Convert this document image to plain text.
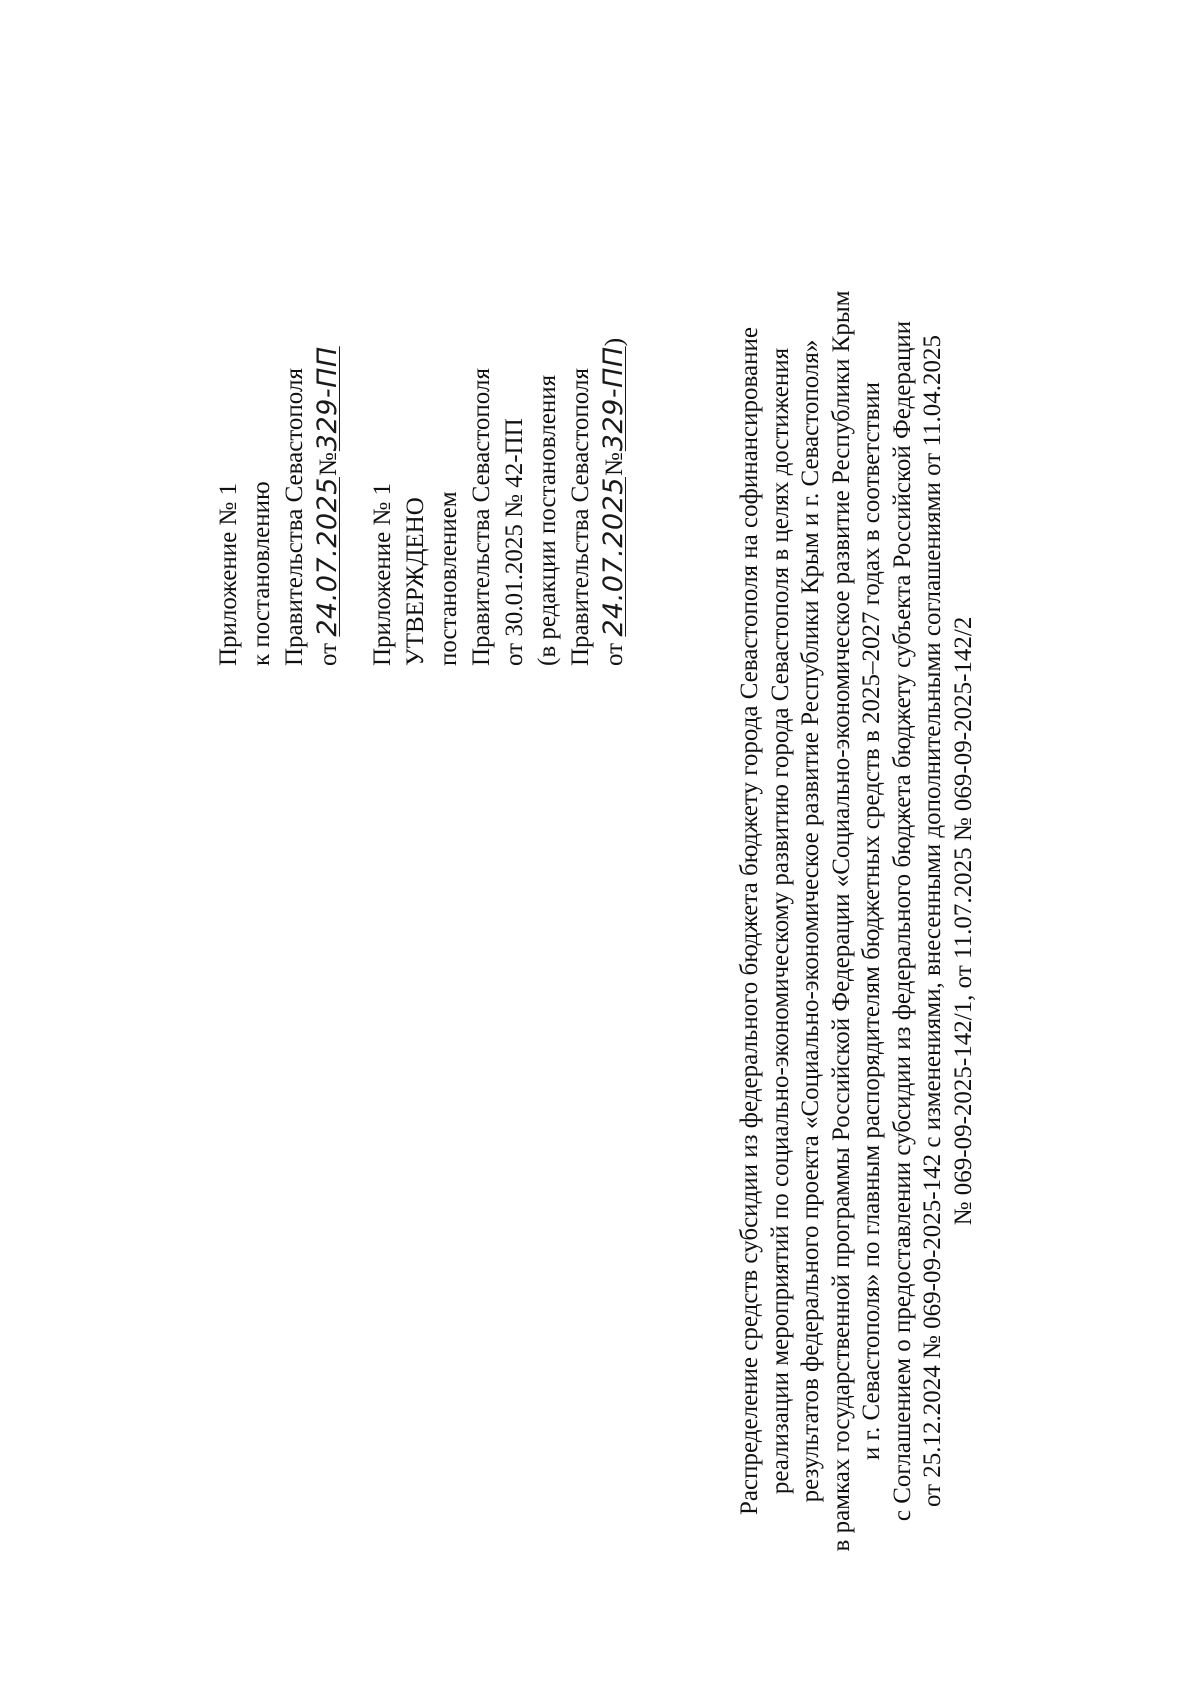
Приложение № 1 к постановлению Правительства Севастополя от 24.07.2025№329-ПП
Приложение № 1 УТВЕРЖДЕНО постановлением Правительства Севастополя от 30.01.2025 № 42-ПП (в редакции постановления Правительства Севастополя от 24.07.2025№329-ПП)	Распределение средств субсидии из федерального бюджета бюджету города Севастополя на софинансирование реализации мероприятий по социально-экономическому развитию города Севастополя в целях достижения результатов федерального проекта «Социально-экономическое развитие Республики Крым и г. Севастополя» в рамках государственной программы Российской Федерации «Социально-экономическое развитие Республики Крым и г. Севастополя» по главным распорядителям бюджетных средств в 2025–2027 годах в соответствии с Соглашением о предоставлении субсидии из федерального бюджета бюджету субъекта Российской Федерации от 25.12.2024 № 069-09-2025-142 с изменениями, внесенными дополнительными соглашениями от 11.04.2025 № 069-09-2025-142/1, от 11.07.2025 № 069-09-2025-142/2
